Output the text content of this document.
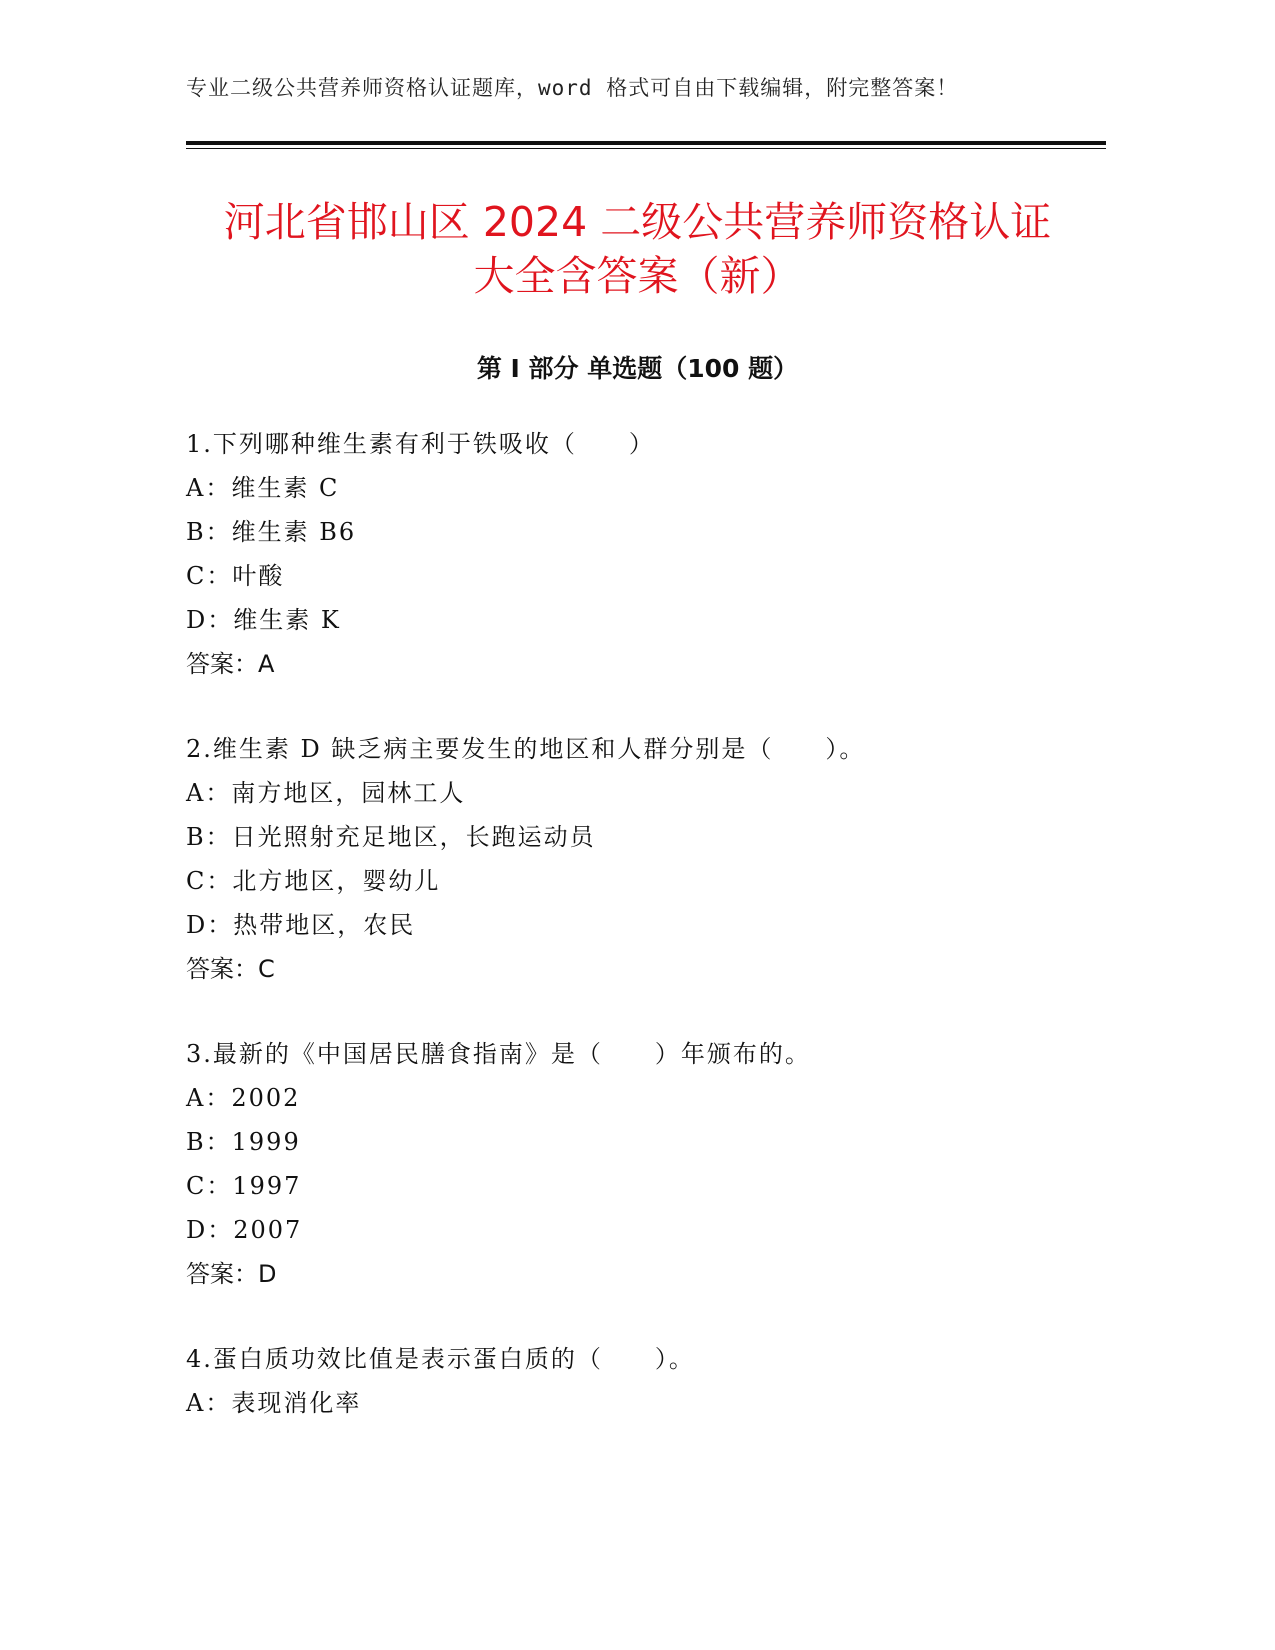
专业二级公共营养师资格认证题库，word 格式可自由下载编辑，附完整答案！
河北省邯山区 2024 二级公共营养师资格认证
大全含答案（新）
第 I 部分 单选题（100 题）
1.下列哪种维生素有利于铁吸收（　　）
A：维生素 C
B：维生素 B6
C：叶酸
D：维生素 K
答案：A
2.维生素 D 缺乏病主要发生的地区和人群分别是（　　）。
A：南方地区，园林工人
B：日光照射充足地区，长跑运动员
C：北方地区，婴幼儿
D：热带地区，农民
答案：C
3.最新的《中国居民膳食指南》是（　　）年颁布的。
A：2002
B：1999
C：1997
D：2007
答案：D
4.蛋白质功效比值是表示蛋白质的（　　）。
A：表现消化率
